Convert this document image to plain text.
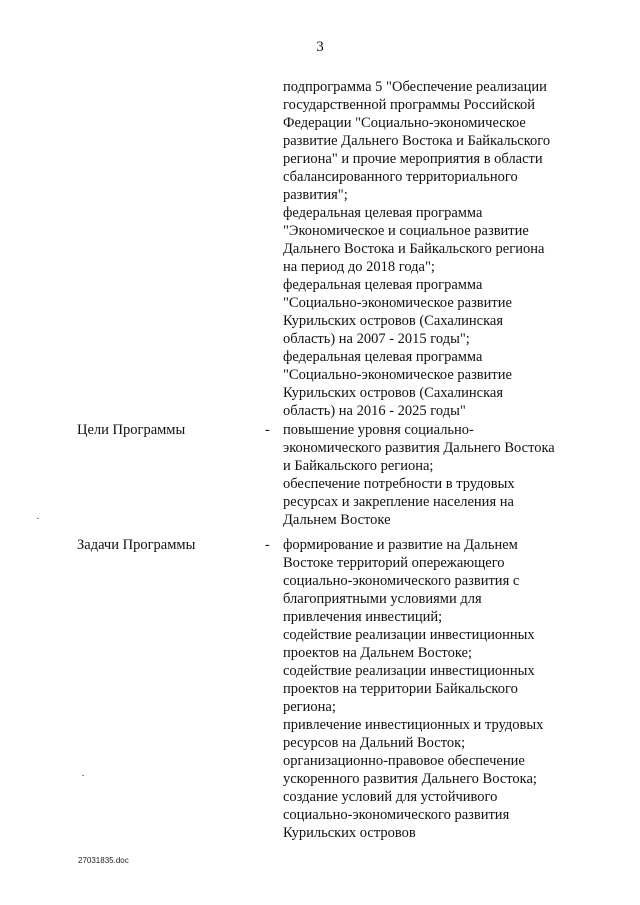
3
подпрограмма 5 "Обеспечение реализации
государственной программы Российской
Федерации "Социально-экономическое
развитие Дальнего Востока и Байкальского
региона" и прочие мероприятия в области
сбалансированного территориального
развития";
федеральная целевая программа
"Экономическое и социальное развитие
Дальнего Востока и Байкальского региона
на период до 2018 года";
федеральная целевая программа
"Социально-экономическое развитие
Курильских островов (Сахалинская
область) на 2007 - 2015 годы";
федеральная целевая программа
"Социально-экономическое развитие
Курильских островов (Сахалинская
область) на 2016 - 2025 годы"
Цели Программы	- повышение уровня социально-
экономического развития Дальнего Востока
и Байкальского региона;
обеспечение потребности в трудовых
ресурсах и закрепление населения на
Дальнем Востоке
Задачи Программы	- формирование и развитие на Дальнем
Востоке территорий опережающего
социально-экономического развития с
благоприятными условиями для
привлечения инвестиций;
содействие реализации инвестиционных
проектов на Дальнем Востоке;
содействие реализации инвестиционных
проектов на территории Байкальского
региона;
привлечение инвестиционных и трудовых
ресурсов на Дальний Восток;
организационно-правовое обеспечение
ускоренного развития Дальнего Востока;
создание условий для устойчивого
социально-экономического развития
Курильских островов
27031835.doc
